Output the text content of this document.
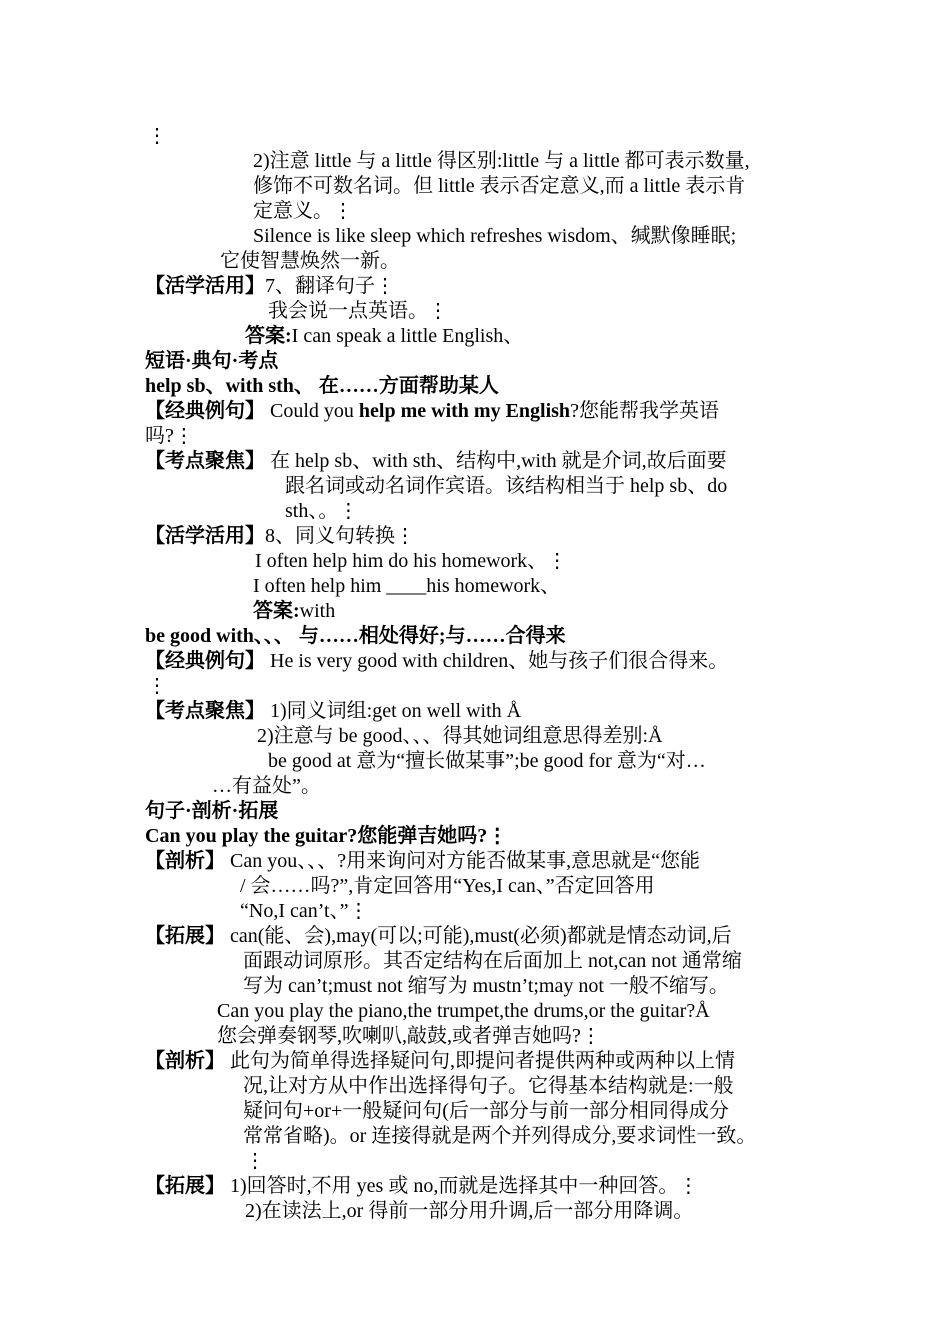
⋮
2)注意 little 与 a little 得区别:little 与 a little 都可表示数量,
修饰不可数名词。但 little 表示否定意义,而 a little 表示肯
定意义。⋮
Silence is like sleep which refreshes wisdom、缄默像睡眠;
它使智慧焕然一新。
【活学活用】7、翻译句子⋮
我会说一点英语。⋮
答案:I can speak a little English、
短语·典句·考点
help sb、with sth、 在……方面帮助某人
【经典例句】 Could you help me with my English?您能帮我学英语
吗?⋮
【考点聚焦】 在 help sb、with sth、结构中,with 就是介词,故后面要
跟名词或动名词作宾语。该结构相当于 help sb、do
sth、。⋮
【活学活用】8、同义句转换⋮
I often help him do his homework、⋮
I often help him ____his homework、
答案:with
be good with、、、 与……相处得好;与……合得来
【经典例句】 He is very good with children、她与孩子们很合得来。
⋮
【考点聚焦】 1)同义词组:get on well with Å
2)注意与 be good、、、得其她词组意思得差别:Å
be good at 意为“擅长做某事”;be good for 意为“对…
…有益处”。
句子·剖析·拓展
Can you play the guitar?您能弹吉她吗?⋮
【剖析】 Can you、、、?用来询问对方能否做某事,意思就是“您能
/ 会……吗?”,肯定回答用“Yes,I can、”否定回答用
“No,I can’t、”⋮
【拓展】 can(能、会),may(可以;可能),must(必须)都就是情态动词,后
面跟动词原形。其否定结构在后面加上 not,can not 通常缩
写为 can’t;must not 缩写为 mustn’t;may not 一般不缩写。
Can you play the piano,the trumpet,the drums,or the guitar?Å
您会弹奏钢琴,吹喇叭,敲鼓,或者弹吉她吗?⋮
【剖析】 此句为简单得选择疑问句,即提问者提供两种或两种以上情
况,让对方从中作出选择得句子。它得基本结构就是:一般
疑问句+or+一般疑问句(后一部分与前一部分相同得成分
常常省略)。or 连接得就是两个并列得成分,要求词性一致。
⋮
【拓展】 1)回答时,不用 yes 或 no,而就是选择其中一种回答。⋮
2)在读法上,or 得前一部分用升调,后一部分用降调。
